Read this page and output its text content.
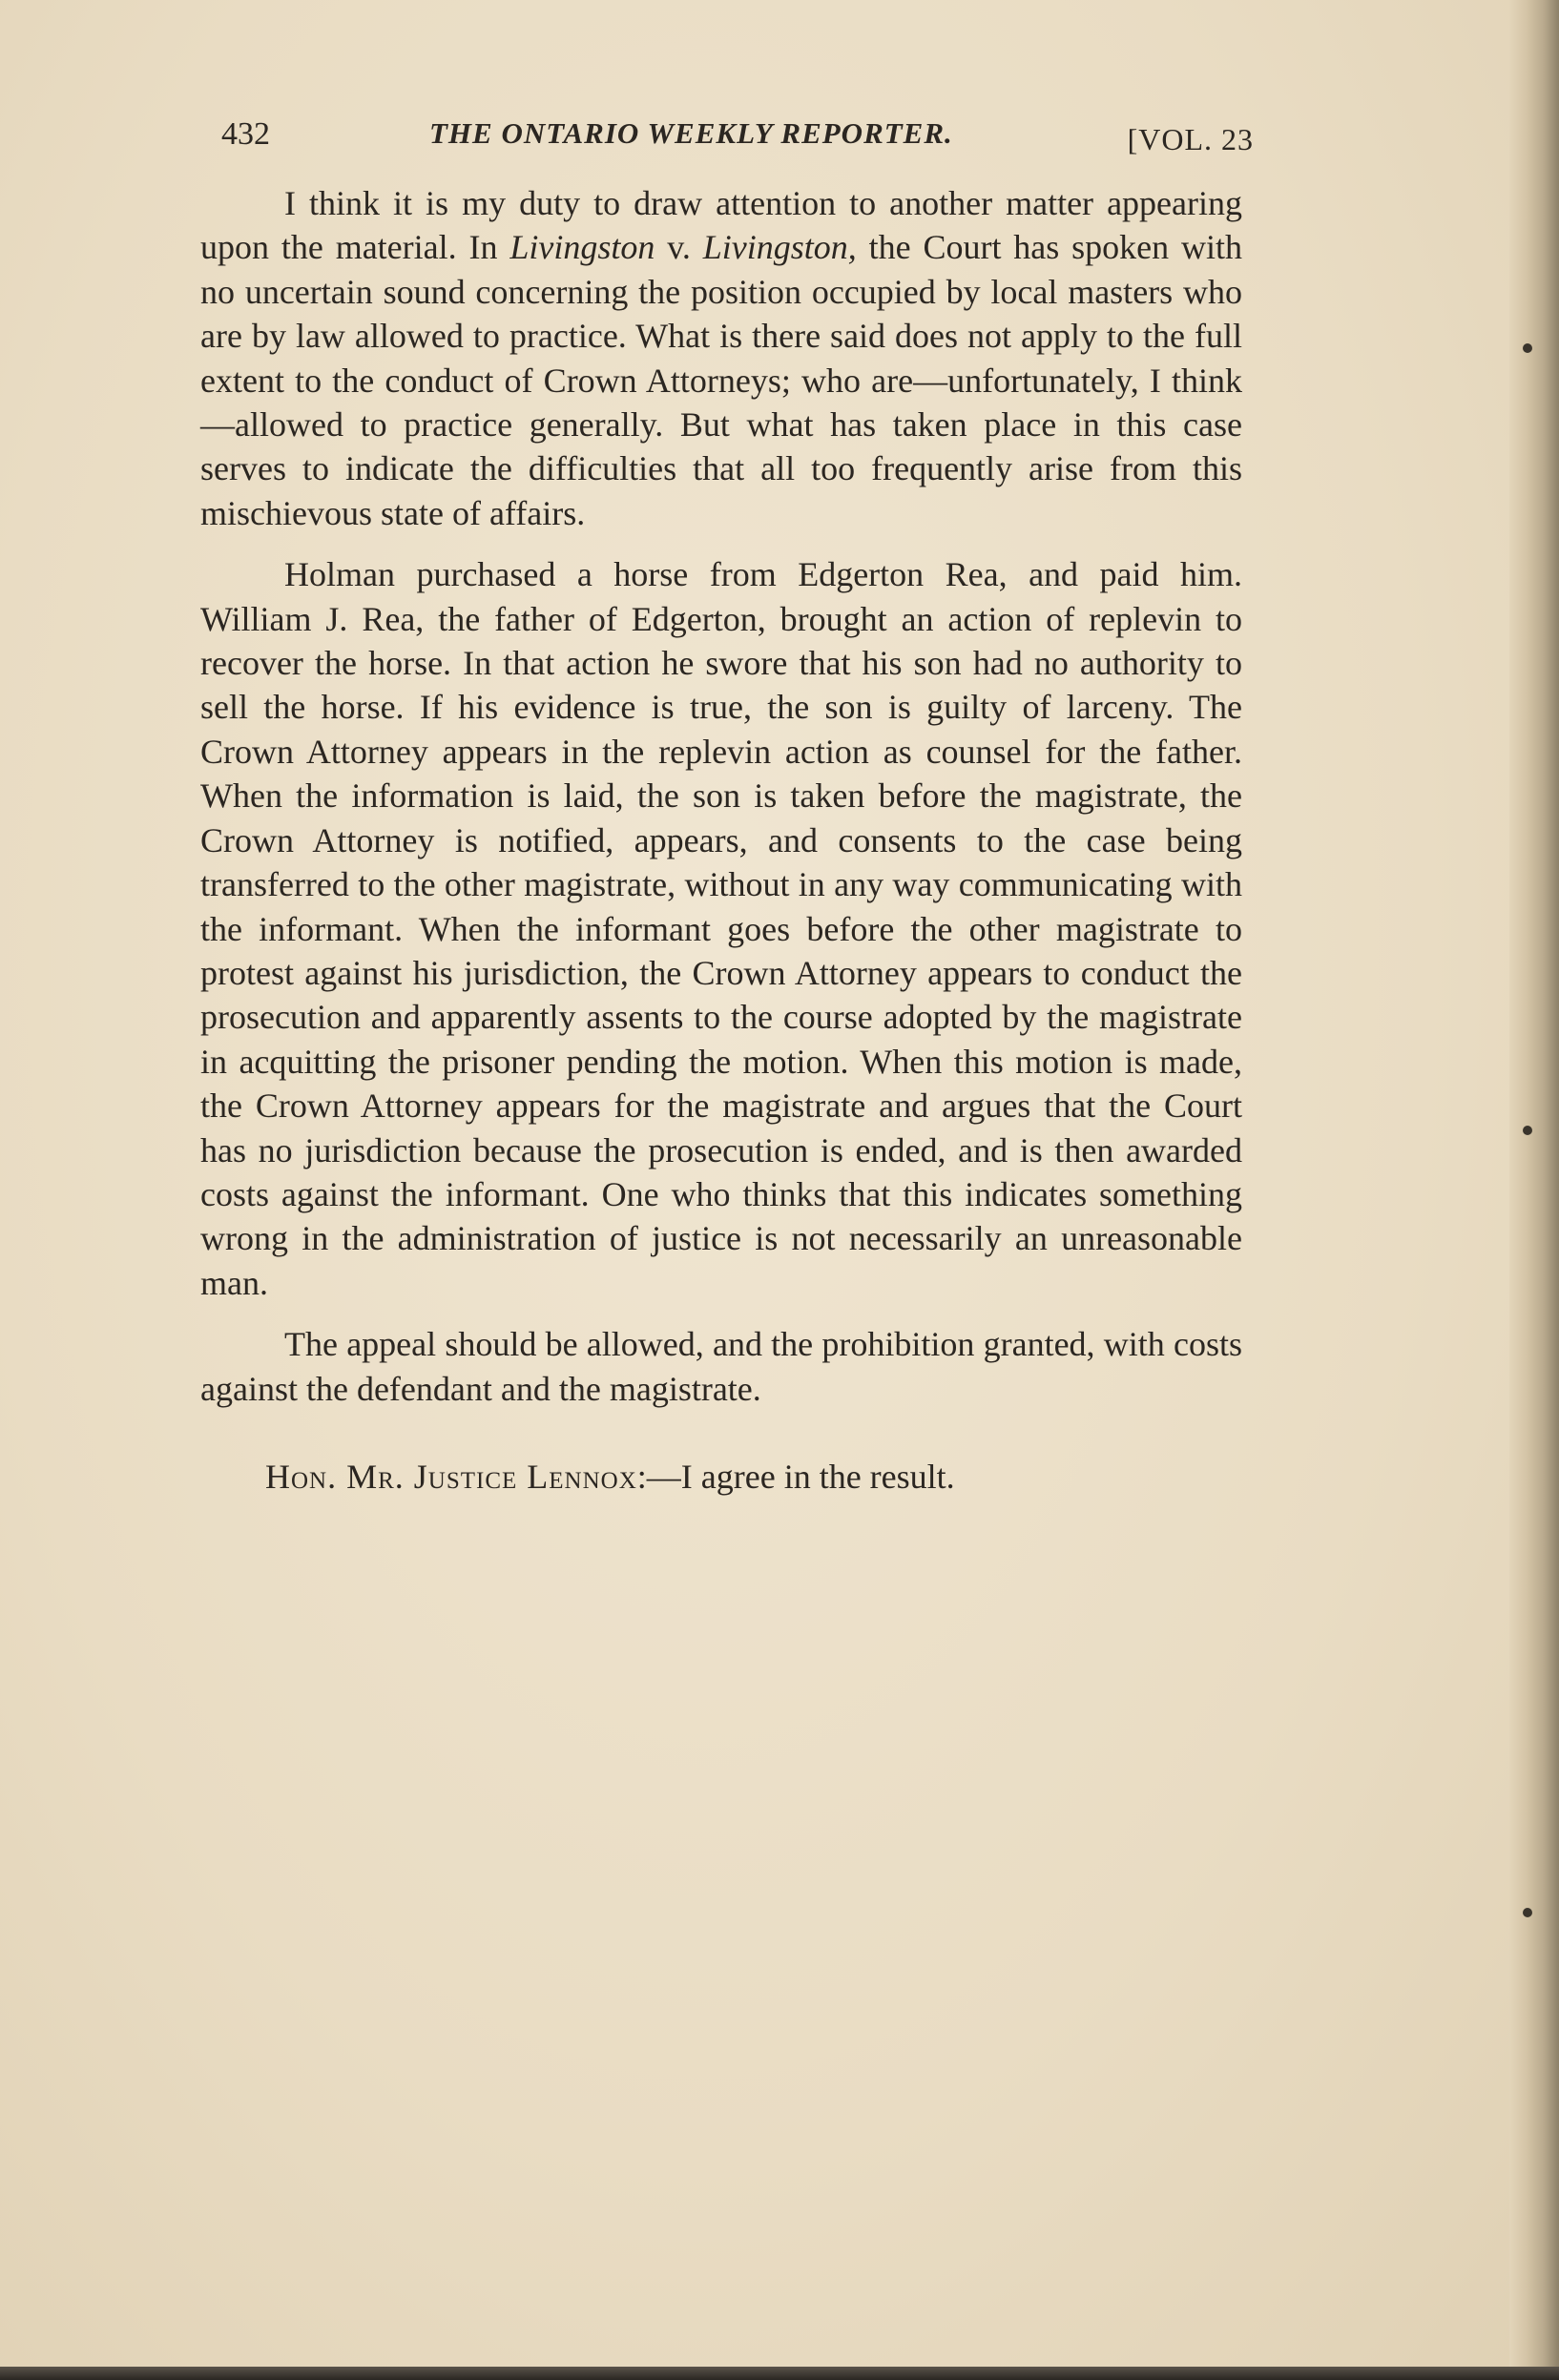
432	THE ONTARIO WEEKLY REPORTER.	[VOL. 23

I think it is my duty to draw attention to another matter appearing upon the material. In Livingston v. Livingston, the Court has spoken with no uncertain sound concerning the position occupied by local masters who are by law allowed to practice. What is there said does not apply to the full extent to the conduct of Crown Attorneys; who are—unfortunately, I think—allowed to practice generally. But what has taken place in this case serves to indicate the difficulties that all too frequently arise from this mischievous state of affairs.

Holman purchased a horse from Edgerton Rea, and paid him. William J. Rea, the father of Edgerton, brought an action of replevin to recover the horse. In that action he swore that his son had no authority to sell the horse. If his evidence is true, the son is guilty of larceny. The Crown Attorney appears in the replevin action as counsel for the father. When the information is laid, the son is taken before the magistrate, the Crown Attorney is notified, appears, and consents to the case being transferred to the other magistrate, without in any way communicating with the informant. When the informant goes before the other magistrate to protest against his jurisdiction, the Crown Attorney appears to conduct the prosecution and apparently assents to the course adopted by the magistrate in acquitting the prisoner pending the motion. When this motion is made, the Crown Attorney appears for the magistrate and argues that the Court has no jurisdiction because the prosecution is ended, and is then awarded costs against the informant. One who thinks that this indicates something wrong in the administration of justice is not necessarily an unreasonable man.

The appeal should be allowed, and the prohibition granted, with costs against the defendant and the magistrate.

Hon. Mr. Justice Lennox:—I agree in the result.
